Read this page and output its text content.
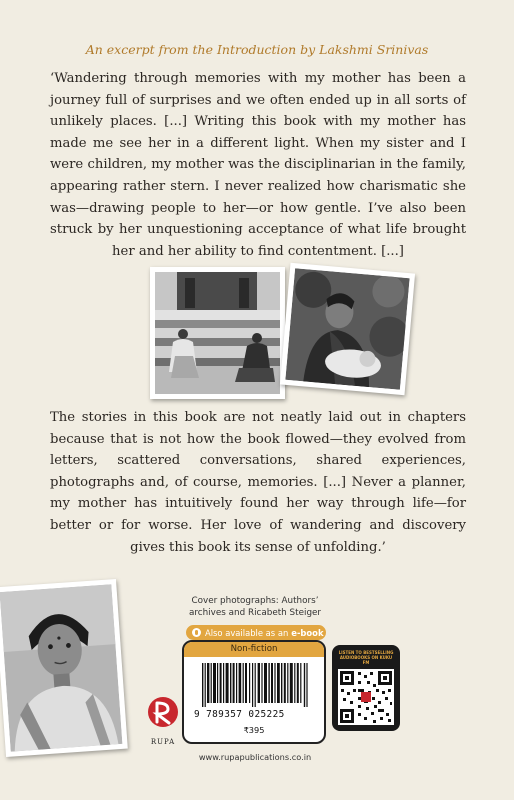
An excerpt from the Introduction by Lakshmi Srinivas
‘Wandering through memories with my mother has been a journey full of surprises and we often ended up in all sorts of unlikely places. [...] Writing this book with my mother has made me see her in a different light. When my sister and I were children, my mother was the disciplinarian in the family, appearing rather stern. I never realized how charismatic she was—drawing people to her—or how gentle. I’ve also been struck by her unquestioning acceptance of what life brought her and her ability to find contentment. [...]
The stories in this book are not neatly laid out in chapters because that is not how the book flowed—they evolved from letters, scattered conversations, shared experiences, photographs and, of course, memories. [...] Never a planner, my mother has intuitively found her way through life—for better or for worse. Her love of wandering and discovery gives this book its sense of unfolding.’
Cover photographs: Authors’ archives and Ricabeth Steiger
Also available as an e-book
Non-fiction
9 789357 025225
₹395
RUPA
www.rupapublications.co.in
LISTEN TO BESTSELLING AUDIOBOOKS ON KUKU FM
